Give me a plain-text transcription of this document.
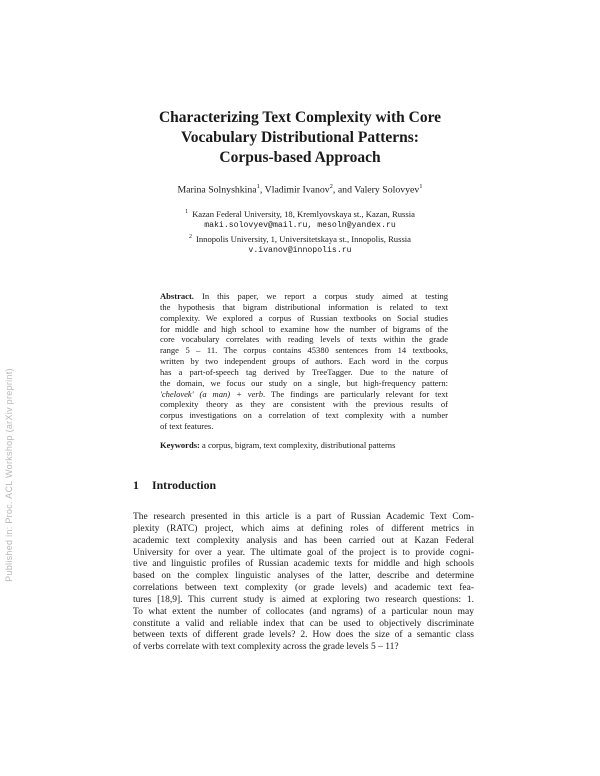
Characterizing Text Complexity with Core
Vocabulary Distributional Patterns:
Corpus-based Approach
Marina Solnyshkina$^1$, Vladimir Ivanov$^2$, and Valery Solovyev$^1$
$^1$ Kazan Federal University, 18, Kremlyovskaya st., Kazan, Russia
maki.solovyev@mail.ru, mesoln@yandex.ru
$^2$ Innopolis University, 1, Universitetskaya st., Innopolis, Russia
v.ivanov@innopolis.ru
Abstract. In this paper, we report a corpus study aimed at testing
the hypothesis that bigram distributional information is related to text
complexity. We explored a corpus of Russian textbooks on Social studies
for middle and high school to examine how the number of bigrams of the
core vocabulary correlates with reading levels of texts within the grade
range 5 – 11. The corpus contains 45380 sentences from 14 textbooks,
written by two independent groups of authors. Each word in the corpus
has a part-of-speech tag derived by TreeTagger. Due to the nature of
the domain, we focus our study on a single, but high-frequency pattern:
'chelovek' (a man) + verb. The findings are particularly relevant for text
complexity theory as they are consistent with the previous results of
corpus investigations on a correlation of text complexity with a number
of text features.
Keywords: a corpus, bigram, text complexity, distributional patterns
1 Introduction
The research presented in this article is a part of Russian Academic Text Com-
plexity (RATC) project, which aims at defining roles of different metrics in
academic text complexity analysis and has been carried out at Kazan Federal
University for over a year. The ultimate goal of the project is to provide cogni-
tive and linguistic profiles of Russian academic texts for middle and high schools
based on the complex linguistic analyses of the latter, describe and determine
correlations between text complexity (or grade levels) and academic text fea-
tures [18,9]. This current study is aimed at exploring two research questions: 1.
To what extent the number of collocates (and ngrams) of a particular noun may
constitute a valid and reliable index that can be used to objectively discriminate
between texts of different grade levels? 2. How does the size of a semantic class
of verbs correlate with text complexity across the grade levels 5 – 11?
Published in: Proc. ACL Workshop (arXiv preprint)
